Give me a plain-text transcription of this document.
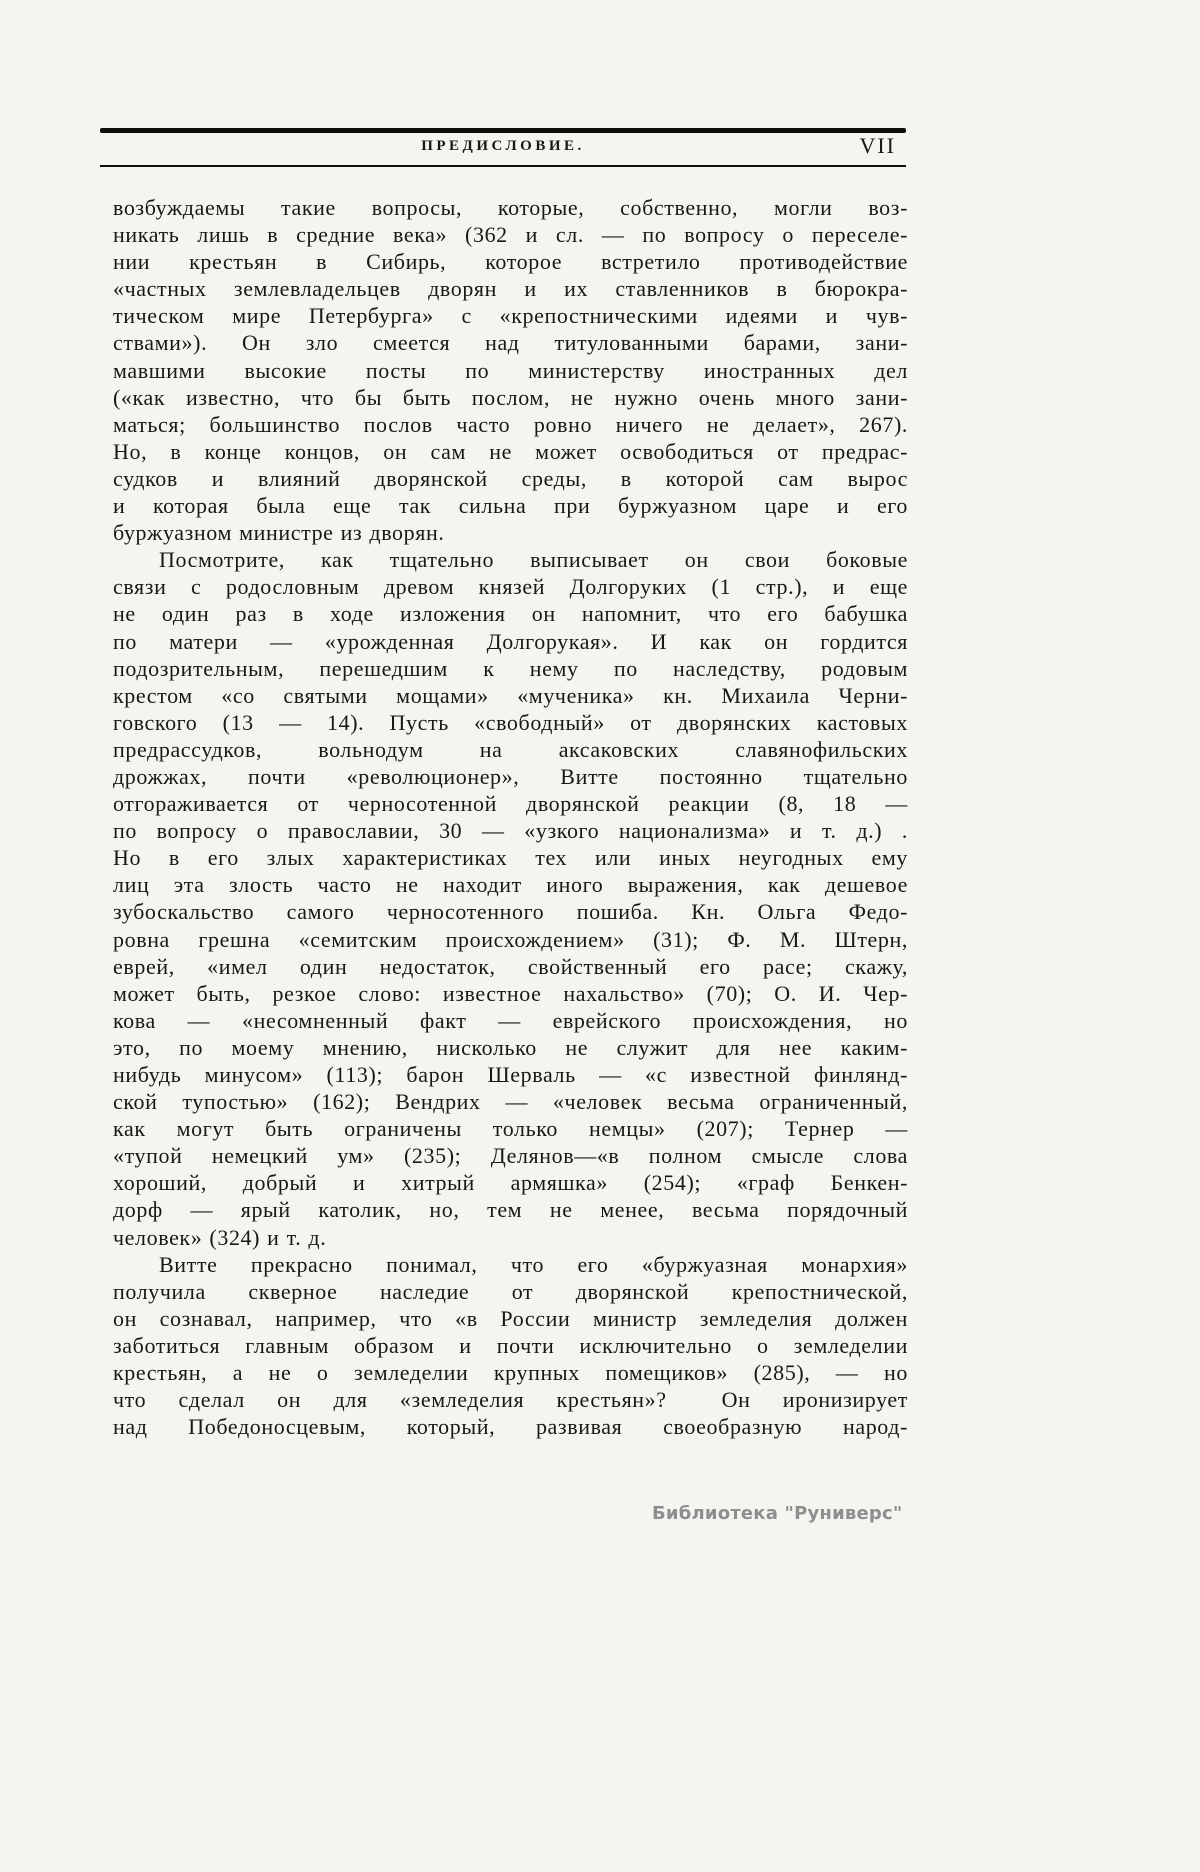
ПРЕДИСЛОВИЕ.	VII
возбуждаемы такие вопросы, которые, собственно, могли воз-
никать лишь в средние века» (362 и сл. — по вопросу о переселе-
нии крестьян в Сибирь, которое встретило противодействие
«частных землевладельцев дворян и их ставленников в бюрокра-
тическом мире Петербурга» с «крепостническими идеями и чув-
ствами»). Он зло смеется над титулованными барами, зани-
мавшими высокие посты по министерству иностранных дел
(«как известно, что бы быть послом, не нужно очень много зани-
маться; большинство послов часто ровно ничего не делает», 267).
Но, в конце концов, он сам не может освободиться от предрас-
судков и влияний дворянской среды, в которой сам вырос
и которая была еще так сильна при буржуазном царе и его
буржуазном министре из дворян.
Посмотрите, как тщательно выписывает он свои боковые
связи с родословным древом князей Долгоруких (1 стр.), и еще
не один раз в ходе изложения он напомнит, что его бабушка
по матери — «урожденная Долгорукая». И как он гордится
подозрительным, перешедшим к нему по наследству, родовым
крестом «со святыми мощами» «мученика» кн. Михаила Черни-
говского (13 — 14). Пусть «свободный» от дворянских кастовых
предрассудков, вольнодум на аксаковских славянофильских
дрожжах, почти «революционер», Витте постоянно тщательно
отгораживается от черносотенной дворянской реакции (8, 18 —
по вопросу о православии, 30 — «узкого национализма» и т. д.) .
Но в его злых характеристиках тех или иных неугодных ему
лиц эта злость часто не находит иного выражения, как дешевое
зубоскальство самого черносотенного пошиба. Кн. Ольга Федо-
ровна грешна «семитским происхождением» (31); Ф. М. Штерн,
еврей, «имел один недостаток, свойственный его расе; скажу,
может быть, резкое слово: известное нахальство» (70); О. И. Чер-
кова — «несомненный факт — еврейского происхождения, но
это, по моему мнению, нисколько не служит для нее каким-
нибудь минусом» (113); барон Шерваль — «с известной финлянд-
ской тупостью» (162); Вендрих — «человек весьма ограниченный,
как могут быть ограничены только немцы» (207); Тернер —
«тупой немецкий ум» (235); Делянов—«в полном смысле слова
хороший, добрый и хитрый армяшка» (254); «граф Бенкен-
дорф — ярый католик, но, тем не менее, весьма порядочный
человек» (324) и т. д.
Витте прекрасно понимал, что его «буржуазная монархия»
получила скверное наследие от дворянской крепостнической,
он сознавал, например, что «в России министр земледелия должен
заботиться главным образом и почти исключительно о земледелии
крестьян, а не о земледелии крупных помещиков» (285), — но
что сделал он для «земледелия крестьян»?  Он иронизирует
над Победоносцевым, который, развивая своеобразную народ-
Библиотека "Руниверс"
